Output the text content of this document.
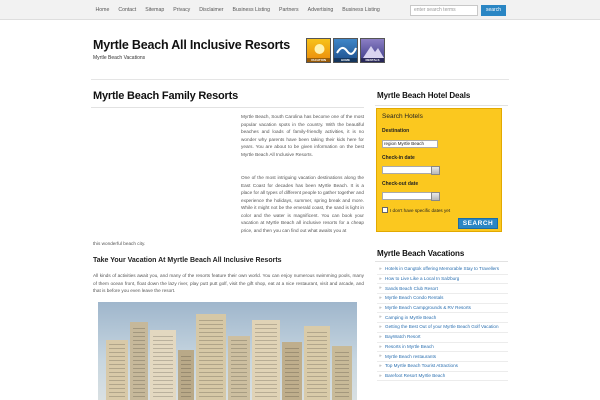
Home	Contact	Sitemap	Privacy	Disclaimer	Business Listing	Partners	Advertising	Business Listing	enter search terms	search
Myrtle Beach All Inclusive Resorts
Myrtle Beach Vacations	VACATION	HOME	RENTALS
Myrtle Beach Family Resorts

Myrtle Beach, South Carolina has become one of the most popular vacation spots in the country. With the beautiful beaches and loads of family-friendly activities, it is no wonder why parents have been taking their kids here for years. You are about to be given information on the best Myrtle Beach All Inclusive Resorts.

One of the most intriguing vacation destinations along the East Coast for decades has been Myrtle Beach. It is a place for all types of different people to gather together and experience the holidays, summer, spring break and more. While it might not be the emerald coast, the sand is light in color and the water is magnificent. You can book your vacation at Myrtle Beach all inclusive resorts for a cheap price, and then you can find out what awaits you at

this wonderful beach city.
Take Your Vacation At Myrtle Beach All Inclusive Resorts

All kinds of activities await you, and many of the resorts feature their own world. You can enjoy numerous swimming pools, many of them ocean front, float down the lazy river, play putt putt golf, visit the gift shop, eat at a nice restaurant, visit and arcade, and that is before you even leave the resort.

Myrtle Beach Hotel Deals
Search Hotels
Destination
region Myrtle Beach
Check-in date
Check-out date
I don't have specific dates yet
SEARCH
Myrtle Beach Vacations
» Hotels in Gangtok offering Memorable Stay to Travellers
» How to Live Like a Local In Salzburg
» Sands Beach Club Resort
» Myrtle Beach Condo Rentals
» Myrtle Beach Campgrounds & RV Resorts
» Camping in Myrtle Beach
» Getting the Best Out of your Myrtle Beach Golf Vacation
» BayWatch Resort
» Resorts in Myrtle Beach
» Myrtle Beach restaurants
» Top Myrtle Beach Tourist Attractions
» Barefoot Resort Myrtle Beach
